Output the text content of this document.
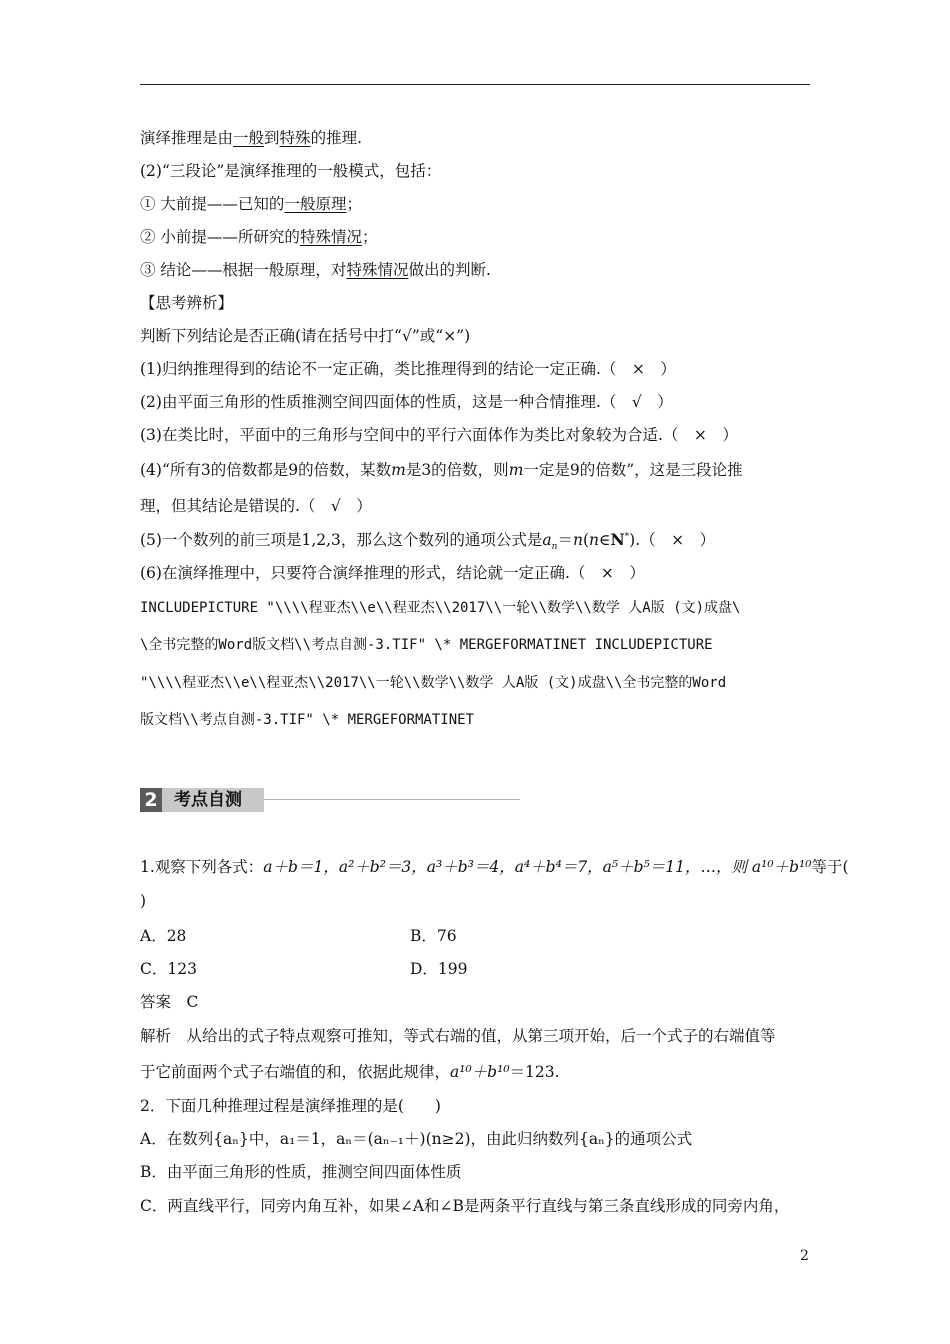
演绎推理是由一般到特殊的推理.
(2)“三段论”是演绎推理的一般模式，包括：
① 大前提——已知的一般原理；
② 小前提——所研究的特殊情况；
③ 结论——根据一般原理，对特殊情况做出的判断.
【思考辨析】
判断下列结论是否正确(请在括号中打“√”或“×”)
(1)归纳推理得到的结论不一定正确，类比推理得到的结论一定正确.（　×　）
(2)由平面三角形的性质推测空间四面体的性质，这是一种合情推理.（　√　）
(3)在类比时，平面中的三角形与空间中的平行六面体作为类比对象较为合适.（　×　）
(4)“所有3的倍数都是9的倍数，某数m是3的倍数，则m一定是9的倍数”，这是三段论推
理，但其结论是错误的.（　√　）
(5)一个数列的前三项是1,2,3，那么这个数列的通项公式是$a_n=n(n\in N^*)$.（　×　）
(6)在演绎推理中，只要符合演绎推理的形式，结论就一定正确.（　×　）
INCLUDEPICTURE "\\\\程亚杰\\e\\程亚杰\\2017\\一轮\\数学\\数学 人A版 (文)成盘\
\全书完整的Word版文档\\考点自测-3.TIF" \* MERGEFORMATINET INCLUDEPICTURE
"\\\\程亚杰\\e\\程亚杰\\2017\\一轮\\数学\\数学 人A版 (文)成盘\\全书完整的Word
版文档\\考点自测-3.TIF" \* MERGEFORMATINET
2 考点自测
1.观察下列各式：a＋b＝1，a²＋b²＝3，a³＋b³＝4，a⁴＋b⁴＝7，a⁵＋b⁵＝11，…，则 a¹⁰＋b¹⁰等于(
)
A．28	B．76
C．123	D．199
答案　C
解析　从给出的式子特点观察可推知，等式右端的值，从第三项开始，后一个式子的右端值等
于它前面两个式子右端值的和，依据此规律，a¹⁰＋b¹⁰＝123.
2．下面几种推理过程是演绎推理的是(　　)
A．在数列{aₙ}中，a₁＝1，aₙ＝(aₙ₋₁＋)(n≥2)，由此归纳数列{aₙ}的通项公式
B．由平面三角形的性质，推测空间四面体性质
C．两直线平行，同旁内角互补，如果∠A和∠B是两条平行直线与第三条直线形成的同旁内角，
2
